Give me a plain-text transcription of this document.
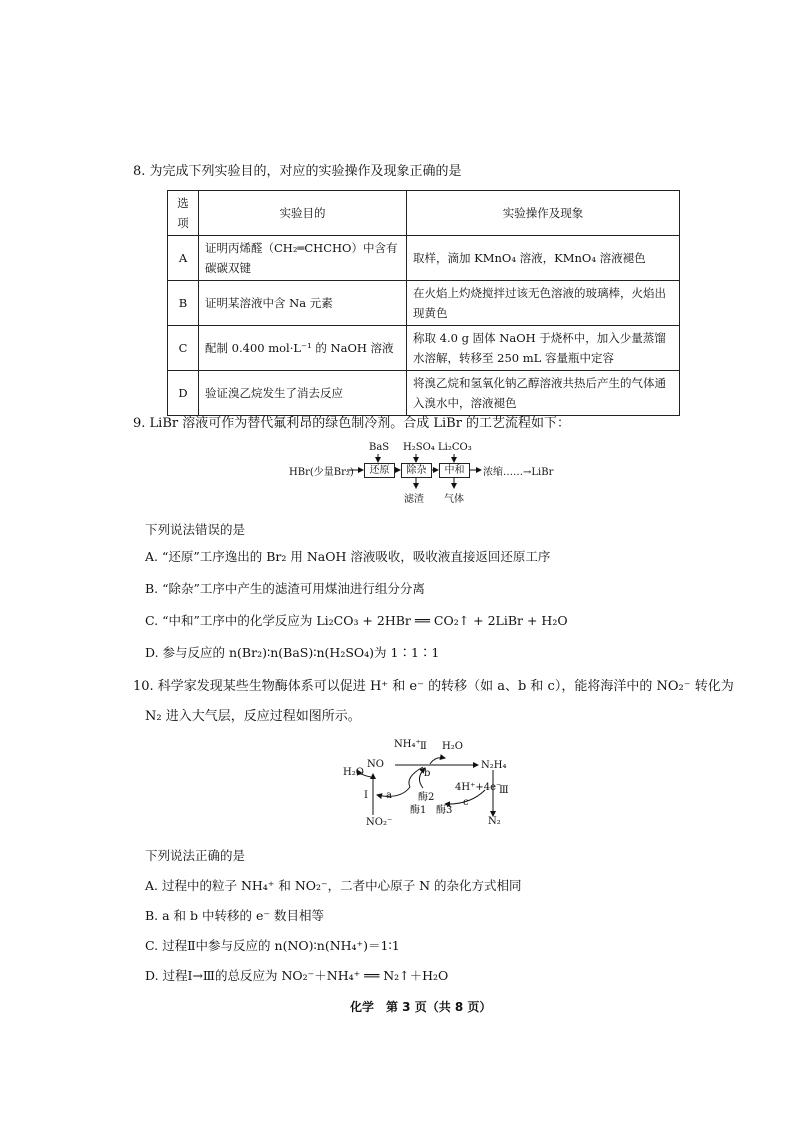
8. 为完成下列实验目的，对应的实验操作及现象正确的是
选项	实验目的	实验操作及现象
A	证明丙烯醛（CH₂═CHCHO）中含有碳碳双键	取样，滴加 KMnO₄ 溶液，KMnO₄ 溶液褪色
B	证明某溶液中含 Na 元素	在火焰上灼烧搅拌过该无色溶液的玻璃棒，火焰出现黄色
C	配制 0.400 mol·L⁻¹ 的 NaOH 溶液	称取 4.0 g 固体 NaOH 于烧杯中，加入少量蒸馏水溶解，转移至 250 mL 容量瓶中定容
D	验证溴乙烷发生了消去反应	将溴乙烷和氢氧化钠乙醇溶液共热后产生的气体通入溴水中，溶液褪色
9. LiBr 溶液可作为替代氟利昂的绿色制冷剂。合成 LiBr 的工艺流程如下：
HBr(少量Br₂)
BaS H₂SO₄ Li₂CO₃
还原	除杂	中和	浓缩……→LiBr
滤渣 气体
下列说法错误的是
A. “还原”工序逸出的 Br₂ 用 NaOH 溶液吸收，吸收液直接返回还原工序
B. “除杂”工序中产生的滤渣可用煤油进行组分分离
C. “中和”工序中的化学反应为 Li₂CO₃ + 2HBr ══ CO₂↑ + 2LiBr + H₂O
D. 参与反应的 n(Br₂)∶n(BaS)∶n(H₂SO₄)为 1∶1∶1
10. 科学家发现某些生物酶体系可以促进 H⁺ 和 e⁻ 的转移（如 a、b 和 c），能将海洋中的 NO₂⁻ 转化为
N₂ 进入大气层，反应过程如图所示。
NO
NH₄⁺ Ⅱ H₂O
N₂H₄
H₂O	b
4H⁺+4e⁻
Ⅲ
Ⅰ a	酶2	c
酶1 酶3
NO₂⁻	N₂
下列说法正确的是
A. 过程中的粒子 NH₄⁺ 和 NO₂⁻，二者中心原子 N 的杂化方式相同
B. a 和 b 中转移的 e⁻ 数目相等
C. 过程Ⅱ中参与反应的 n(NO)∶n(NH₄⁺)＝1∶1
D. 过程Ⅰ→Ⅲ的总反应为 NO₂⁻＋NH₄⁺ ══ N₂↑＋H₂O
化学　第 3 页（共 8 页）
